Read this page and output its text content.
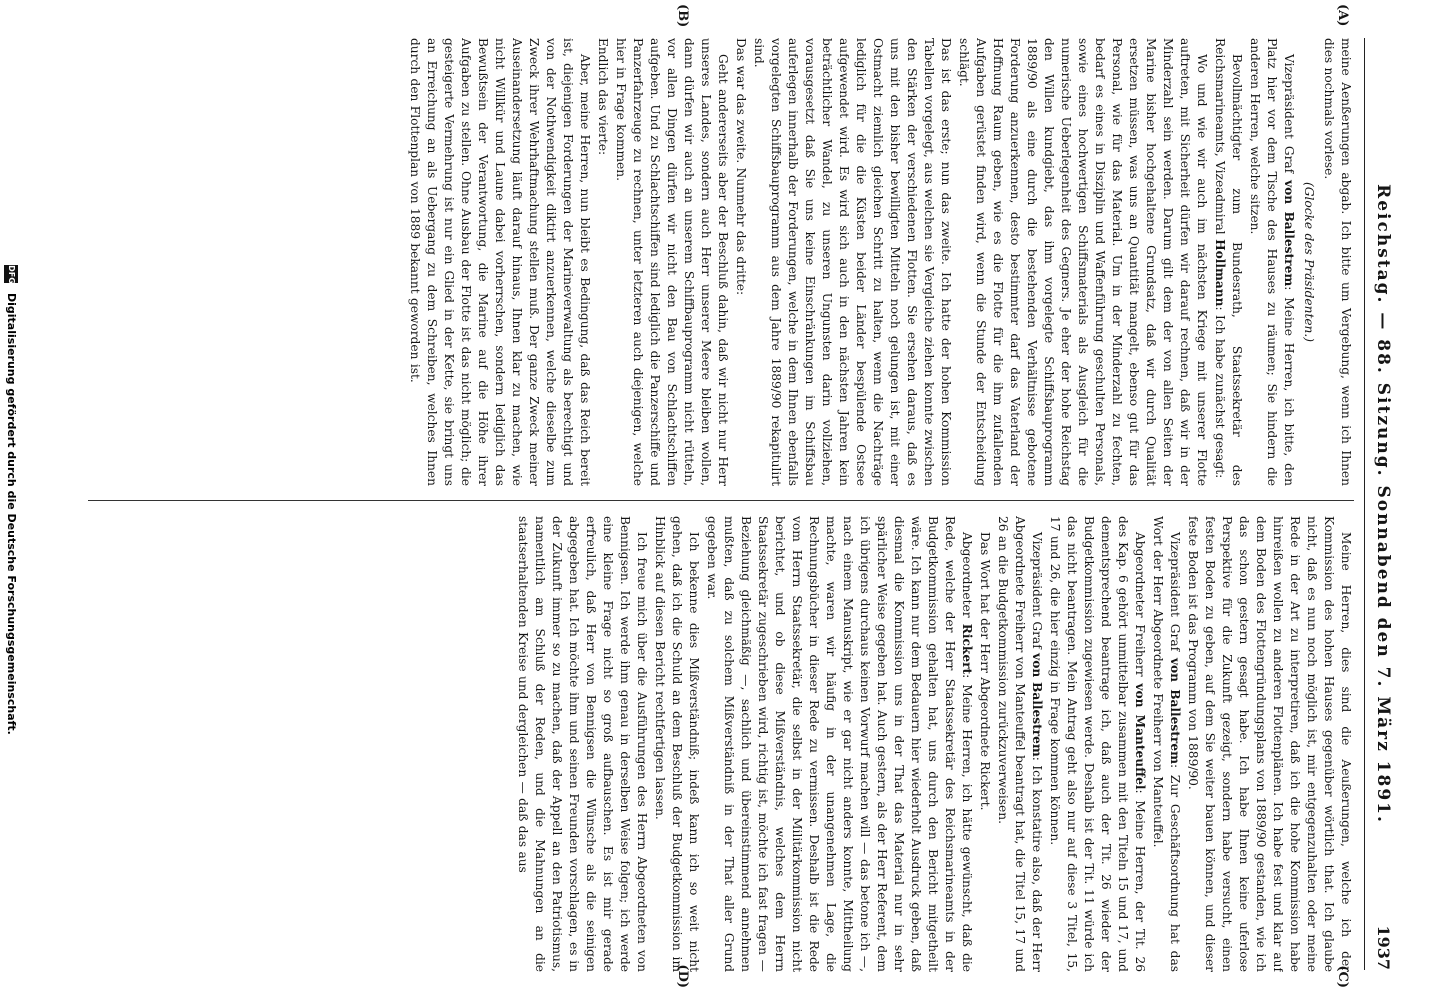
Reichstag. — 88. Sitzung. Sonnabend den 7. März 1891.
1937
(A)
(B)
(C)
(D)

meine Aenßerungen abgab. Ich bitte um Vergebung, wenn ich Ihnen dies nochmals vorlese.

(Glocke des Präsidenten.)

Vizepräsident Graf von Ballestrem: Meine Herren, ich bitte, den Platz hier vor dem Tische des Hauses zu räumen; Sie hindern die anderen Herren, welche sitzen.

Bevollmächtigter zum Bundesrath, Staatssekretär des Reichsmarineamts, Vizeadmiral Hollmann: Ich habe zunächst gesagt:

Wo und wie wir auch im nächsten Kriege mit unserer Flotte auftreten, mit Sicherheit dürfen wir darauf rechnen, daß wir in der Minderzahl sein werden. Darum gilt dem der von allen Seiten der Marine bisher hochgehaltene Grundsatz, daß wir durch Qualität ersetzen müssen, was uns an Quantität mangelt, ebenso gut für das Personal, wie für das Material. Um in der Minderzahl zu fechten, bedarf es eines in Disziplin und Waffenführung geschulten Personals, sowie eines hochwertigen Schiffsmaterials als Ausgleich für die numerische Ueberlegenheit des Gegners. Je eher der hohe Reichstag den Willen kundgiebt, das ihm vorgelegte Schiffsbauprogramm 1889/90 als eine durch die bestehenden Verhältnisse gebotene Forderung anzuerkennen, desto bestimmter darf das Vaterland der Hoffnung Raum geben, wie es die Flotte für die ihm zufallenden Aufgaben gerüstet finden wird, wenn die Stunde der Entscheidung schlägt.

Das ist das erste; nun das zweite. Ich hatte der hohen Kommission Tabellen vorgelegt, aus welchen sie Vergleiche ziehen konnte zwischen den Stärken der verschiedenen Flotten. Sie ersehen daraus, daß es uns mit den bisher bewilligten Mitteln noch gelungen ist, mit einer Ostmacht ziemlich gleichen Schritt zu halten, wenn die Nachträge lediglich für die die Küsten beider Länder bespülende Ostsee aufgewendet wird. Es wird sich auch in den nächsten Jahren kein beträchtlicher Wandel, zu unseren Ungunsten darin vollziehen, vorausgesetzt daß Sie uns keine Einschränkungen im Schiffsbau auferlegen innerhalb der Forderungen, welche in dem Ihnen ebenfalls vorgelegten Schiffsbauprogramm aus dem Jahre 1889/90 rekapitulirt sind.

Das war das zweite. Nunmehr das dritte:

Geht andererseits aber der Beschluß dahin, daß wir nicht nur Herr unseres Landes, sondern auch Herr unserer Meere bleiben wollen, dann dürfen wir auch an unserem Schiffbauprogramm nicht rütteln, vor allen Dingen dürfen wir nicht den Bau von Schlachtschiffen aufgeben. Und zu Schlachtschiffen sind lediglich die Panzerschiffe und Panzerfahrzeuge zu rechnen, unter letzteren auch diejenigen, welche hier in Frage kommen.

Endlich das vierte:

Aber, meine Herren, nun bleibt es Bedingung, daß das Reich bereit ist, diejenigen Forderungen der Marineverwaltung als berechtigt und von der Nothwendigkeit diktirt anzuerkennen, welche dieselbe zum Zweck ihrer Wehrhaftmachung stellen muß. Der ganze Zweck meiner Auseinandersetzung läuft darauf hinaus, Ihnen klar zu machen, wie nicht Willkür und Laune dabei vorherrschen, sondern lediglich das Bewußtsein der Verantwortung, die Marine auf die Höhe ihrer Aufgaben zu stellen. Ohne Ausbau der Flotte ist das nicht möglich; die gesteigerte Vermehrung ist nur ein Glied in der Kette, sie bringt uns an Erreichung an als Uebergang zu dem Schreiben, welches Ihnen durch den Flottenplan von 1889 bekannt geworden ist.

Meine Herren, dies sind die Aeußerungen, welche ich der Kommission des hohen Hauses gegenüber wörtlich that. Ich glaube nicht, daß es nun noch möglich ist, mir entgegenzuhalten oder meine Rede in der Art zu interpretiren, daß ich die hohe Kommission habe hinreißen wollen zu anderen Flottenplänen. Ich habe fest und klar auf dem Boden des Flottengründungsplans von 1889/90 gestanden, wie ich das schon gestern gesagt habe. Ich habe Ihnen keine uferlose Perspektive für die Zukunft gezeigt, sondern habe versucht, einen festen Boden zu geben, auf dem Sie weiter bauen können, und dieser feste Boden ist das Programm von 1889/90.

Vizepräsident Graf von Ballestrem: Zur Geschäftsordnung hat das Wort der Herr Abgeordnete Freiherr von Manteuffel.

Abgeordneter Freiherr von Manteuffel: Meine Herren, der Tit. 26 des Kap. 6 gehört unmittelbar zusammen mit den Titeln 15 und 17, und dementsprechend beantrage ich, daß auch der Tit. 26 wieder der Budgetkommission zugewiesen werde. Deshalb ist der Tit. 11 würde ich das nicht beantragen. Mein Antrag geht also nur auf diese 3 Titel, 15, 17 und 26, die hier einzig in Frage kommen können.

Vizepräsident Graf von Ballestrem: Ich konstatire also, daß der Herr Abgeordnete Freiherr von Manteuffel beantragt hat, die Titel 15, 17 und 26 an die Budgetkommission zurückzuverweisen.

Das Wort hat der Herr Abgeordnete Rickert.

Abgeordneter Rickert: Meine Herren, ich hätte gewünscht, daß die Rede, welche der Herr Staatssekretär des Reichsmarineamts in der Budgetkommission gehalten hat, uns durch den Bericht mitgetheilt wäre. Ich kann nur dem Bedauern hier wiederholt Ausdruck geben, daß diesmal die Kommission uns in der That das Material nur in sehr spärlicher Weise gegeben hat. Auch gestern, als der Herr Referent, dem ich übrigens durchaus keinen Vorwurf machen will — das betone ich —, nach einem Manuskript, wie er gar nicht anders konnte, Mittheilung machte, waren wir häufig in der unangenehmen Lage, die Rechnungsbücher in dieser Rede zu vermissen. Deshalb ist die Rede vom Herrn Staatssekretär, die selbst in der Militärkommission nicht berichtet, und ob diese Mißverständnis, welches dem Herrn Staatssekretär zugeschrieben wird, richtig ist, möchte ich fast fragen — Beziehung gleichmäßig —, sachlich und übereinstimmend annehmen mußten, daß zu solchem Mißverständniß in der That aller Grund gegeben war.

Ich bekenne dies Mißverständniß; indeß kann ich so weit nicht gehen, daß ich die Schuld an dem Beschluß der Budgetkommission im Hinblick auf diesen Bericht rechtfertigen lassen.

Ich freue mich über die Ausführungen des Herrn Abgeordneten von Bennigsen. Ich werde ihm genau in derselben Weise folgen; ich werde eine kleine Frage nicht so groß aufbauschen. Es ist mir gerade erfreulich, daß Herr von Bennigsen die Wünsche als die seinigen abgegeben hat. Ich möchte ihm und seinen Freunden vorschlagen, es in der Zukunft immer so zu machen, daß der Appell an den Patriotismus, namentlich am Schluß der Reden, und die Mahnungen an die staatserhaltenden Kreise und dergleichen — daß das aus

DFG Digitalisierung gefördert durch die Deutsche Forschungsgemeinschaft.
